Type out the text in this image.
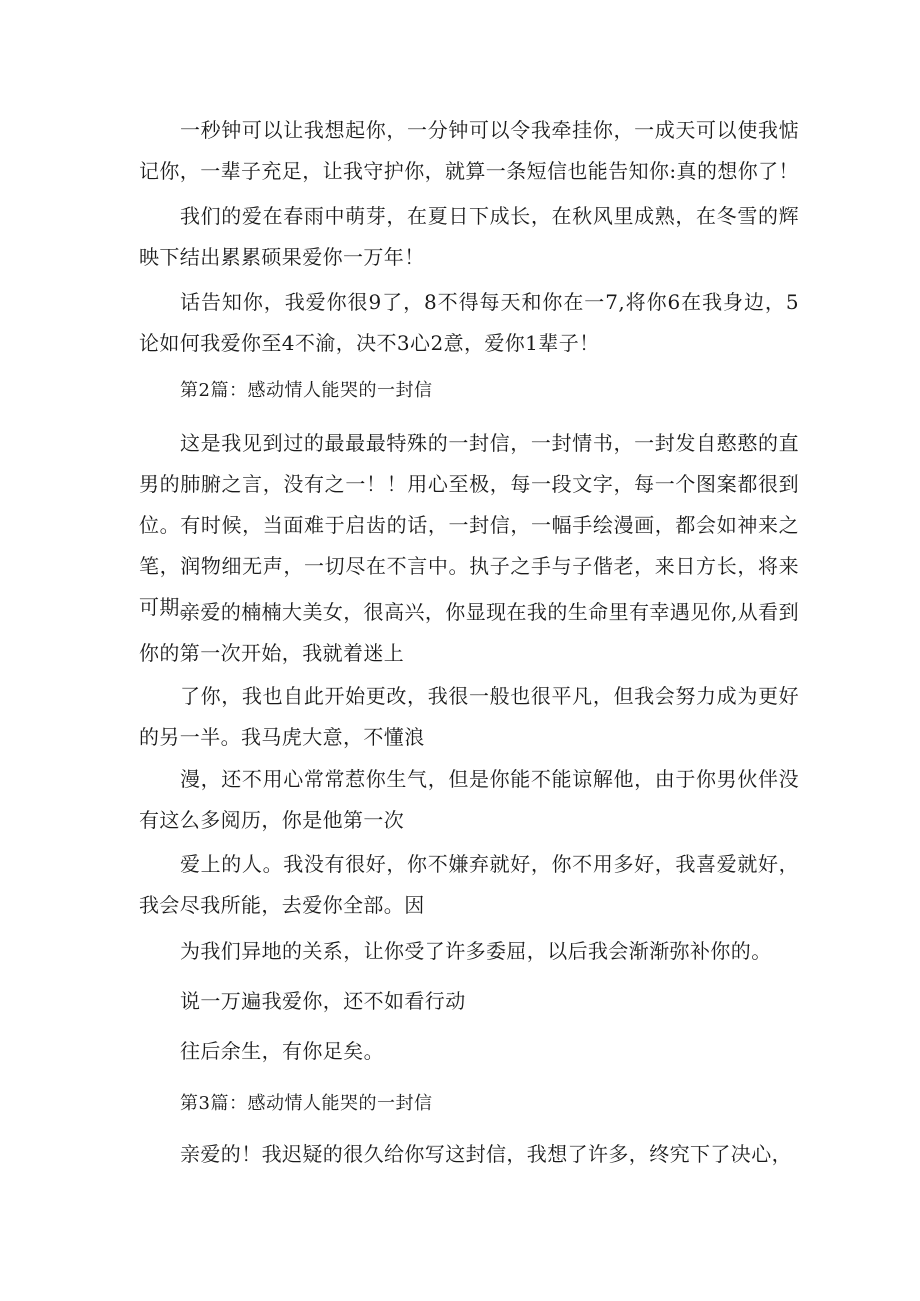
一秒钟可以让我想起你，一分钟可以令我牵挂你，一成天可以使我惦记你，一辈子充足，让我守护你，就算一条短信也能告知你:真的想你了！

我们的爱在春雨中萌芽，在夏日下成长，在秋风里成熟，在冬雪的辉映下结出累累硕果爱你一万年！

话告知你，我爱你很9了，8不得每天和你在一7,将你6在我身边，5论如何我爱你至4不渝，决不3心2意，爱你1辈子！

第2篇：感动情人能哭的一封信

这是我见到过的最最最特殊的一封信，一封情书，一封发自憨憨的直男的肺腑之言，没有之一！！用心至极，每一段文字，每一个图案都很到位。有时候，当面难于启齿的话，一封信，一幅手绘漫画，都会如神来之笔，润物细无声，一切尽在不言中。执子之手与子偕老，来日方长，将来可期。

亲爱的楠楠大美女，很高兴，你显现在我的生命里有幸遇见你,从看到你的第一次开始，我就着迷上

了你，我也自此开始更改，我很一般也很平凡，但我会努力成为更好的另一半。我马虎大意，不懂浪

漫，还不用心常常惹你生气，但是你能不能谅解他，由于你男伙伴没有这么多阅历，你是他第一次

爱上的人。我没有很好，你不嫌弃就好，你不用多好，我喜爱就好，我会尽我所能，去爱你全部。因

为我们异地的关系，让你受了许多委屈，以后我会渐渐弥补你的。

说一万遍我爱你，还不如看行动

往后余生，有你足矣。

第3篇：感动情人能哭的一封信

亲爱的！我迟疑的很久给你写这封信，我想了许多，终究下了决心，
